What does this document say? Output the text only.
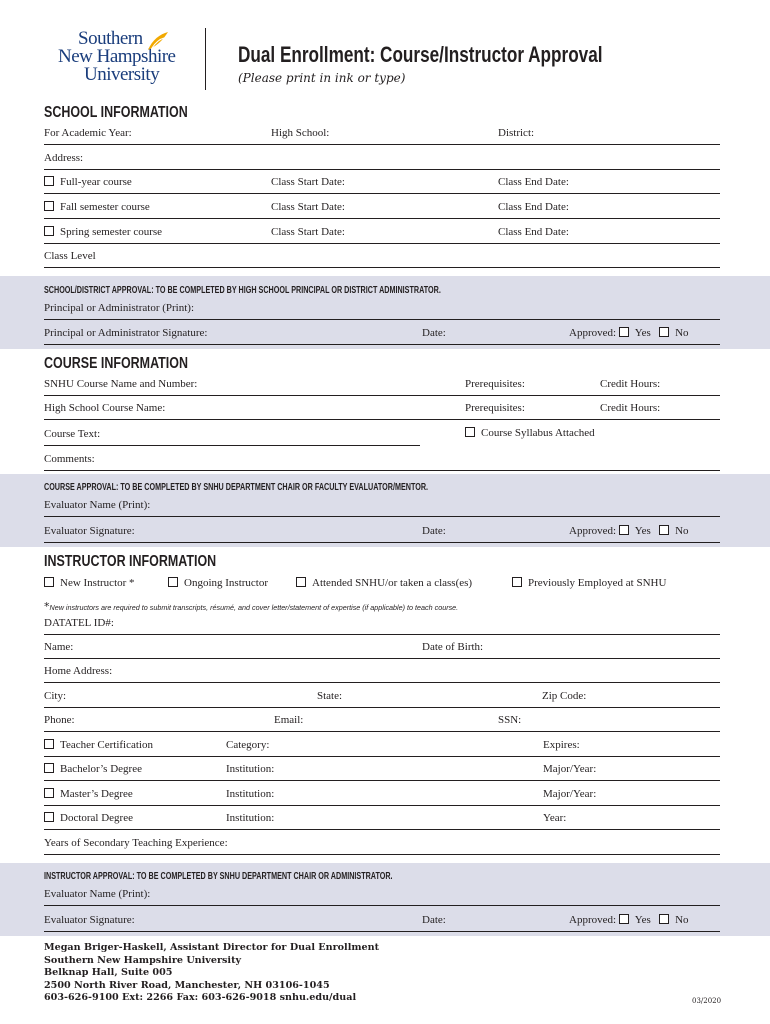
Southern
New Hampshire
University
Dual Enrollment: Course/Instructor Approval
(Please print in ink or type)
SCHOOL INFORMATION
For Academic Year:	High School:	District:
Address:
Full-year course	Class Start Date:	Class End Date:
Fall semester course	Class Start Date:	Class End Date:
Spring semester course	Class Start Date:	Class End Date:
Class Level
SCHOOL/DISTRICT APPROVAL: TO BE COMPLETED BY HIGH SCHOOL PRINCIPAL OR DISTRICT ADMINISTRATOR.
Principal or Administrator (Print):
Principal or Administrator Signature:	Date:	Approved: Yes No
COURSE INFORMATION
SNHU Course Name and Number:	Prerequisites:	Credit Hours:
High School Course Name:	Prerequisites:	Credit Hours:
Course Text:	Course Syllabus Attached
Comments:
COURSE APPROVAL: TO BE COMPLETED BY SNHU DEPARTMENT CHAIR OR FACULTY EVALUATOR/MENTOR.
Evaluator Name (Print):
Evaluator Signature:	Date:	Approved: Yes No
INSTRUCTOR INFORMATION
New Instructor *	Ongoing Instructor	Attended SNHU/or taken a class(es)	Previously Employed at SNHU
*New instructors are required to submit transcripts, résumé, and cover letter/statement of expertise (if applicable) to teach course.
DATATEL ID#:
Name:	Date of Birth:
Home Address:
City:	State:	Zip Code:
Phone:	Email:	SSN:
Teacher Certification	Category:	Expires:
Bachelor’s Degree	Institution:	Major/Year:
Master’s Degree	Institution:	Major/Year:
Doctoral Degree	Institution:	Year:
Years of Secondary Teaching Experience:
INSTRUCTOR APPROVAL: TO BE COMPLETED BY SNHU DEPARTMENT CHAIR OR ADMINISTRATOR.
Evaluator Name (Print):
Evaluator Signature:	Date:	Approved: Yes No
Megan Briger-Haskell, Assistant Director for Dual Enrollment
Southern New Hampshire University
Belknap Hall, Suite 005
2500 North River Road, Manchester, NH 03106-1045
603-626-9100 Ext: 2266 Fax: 603-626-9018 snhu.edu/dual	03/2020
